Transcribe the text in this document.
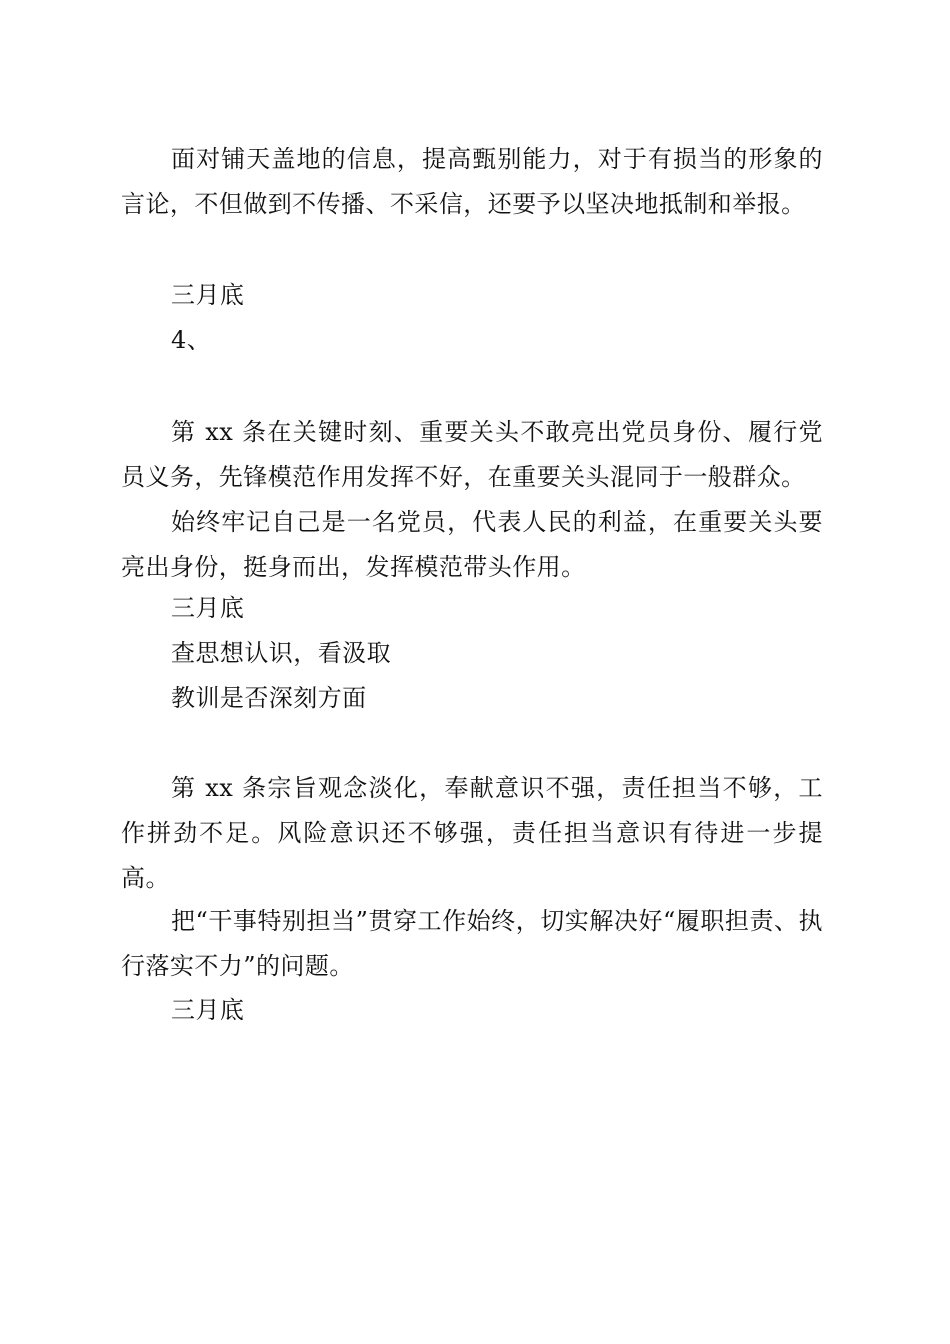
面对铺天盖地的信息，提高甄别能力，对于有损当的形象的言论，不但做到不传播、不采信，还要予以坚决地抵制和举报。

三月底

4、

第 xx 条在关键时刻、重要关头不敢亮出党员身份、履行党员义务，先锋模范作用发挥不好，在重要关头混同于一般群众。

始终牢记自己是一名党员，代表人民的利益，在重要关头要亮出身份，挺身而出，发挥模范带头作用。

三月底

查思想认识，看汲取

教训是否深刻方面

第 xx 条宗旨观念淡化，奉献意识不强，责任担当不够，工作拼劲不足。风险意识还不够强，责任担当意识有待进一步提高。

把“干事特别担当”贯穿工作始终，切实解决好“履职担责、执行落实不力”的问题。

三月底
